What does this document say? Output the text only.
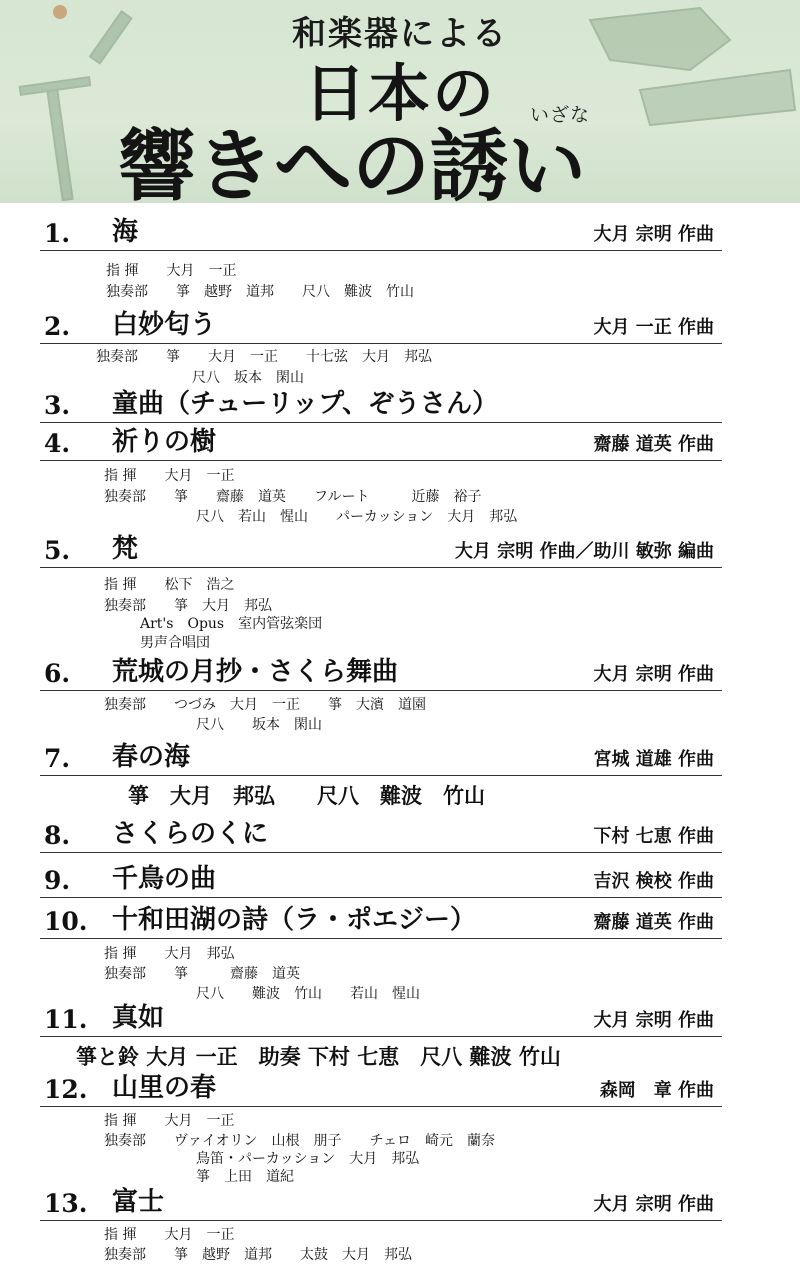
和楽器による
日本の	いざな
響きへの誘い
1. 海	大月 宗明 作曲
指 揮　　大月　一正
独奏部　　箏　越野　道邦　　尺八　難波　竹山
2. 白妙匂う	大月 一正 作曲
独奏部　　箏　　大月　一正　　十七弦　大月　邦弘
尺八　坂本　閑山
3. 童曲（チューリップ、ぞうさん）
4. 祈りの樹	齋藤 道英 作曲
指 揮　　大月　一正
独奏部　　箏　　齋藤　道英　　フルート　　　近藤　裕子
尺八　若山　惺山　　パーカッション　大月　邦弘
5. 梵	大月 宗明 作曲／助川 敏弥 編曲
指 揮　　松下　浩之
独奏部　　箏　大月　邦弘
Art's　Opus　室内管弦楽団
男声合唱団
6. 荒城の月抄・さくら舞曲	大月 宗明 作曲
独奏部　　つづみ　大月　一正　　箏　大濱　道園
尺八　　坂本　閑山
7. 春の海	宮城 道雄 作曲
箏　大月　邦弘　　尺八　難波　竹山
8. さくらのくに	下村 七恵 作曲
9. 千鳥の曲	吉沢 検校 作曲
10. 十和田湖の詩（ラ・ポエジー）	齋藤 道英 作曲
指 揮　　大月　邦弘
独奏部　　箏　　　齋藤　道英
尺八　　難波　竹山　　若山　惺山
11. 真如	大月 宗明 作曲
箏と鈴 大月 一正　助奏 下村 七恵　尺八 難波 竹山
12. 山里の春	森岡　章 作曲
指 揮　　大月　一正
独奏部　　ヴァイオリン　山根　朋子　　チェロ　崎元　蘭奈
鳥笛・パーカッション　大月　邦弘
箏　上田　道紀
13. 富士	大月 宗明 作曲
指 揮　　大月　一正
独奏部　　箏　越野　道邦　　太鼓　大月　邦弘
